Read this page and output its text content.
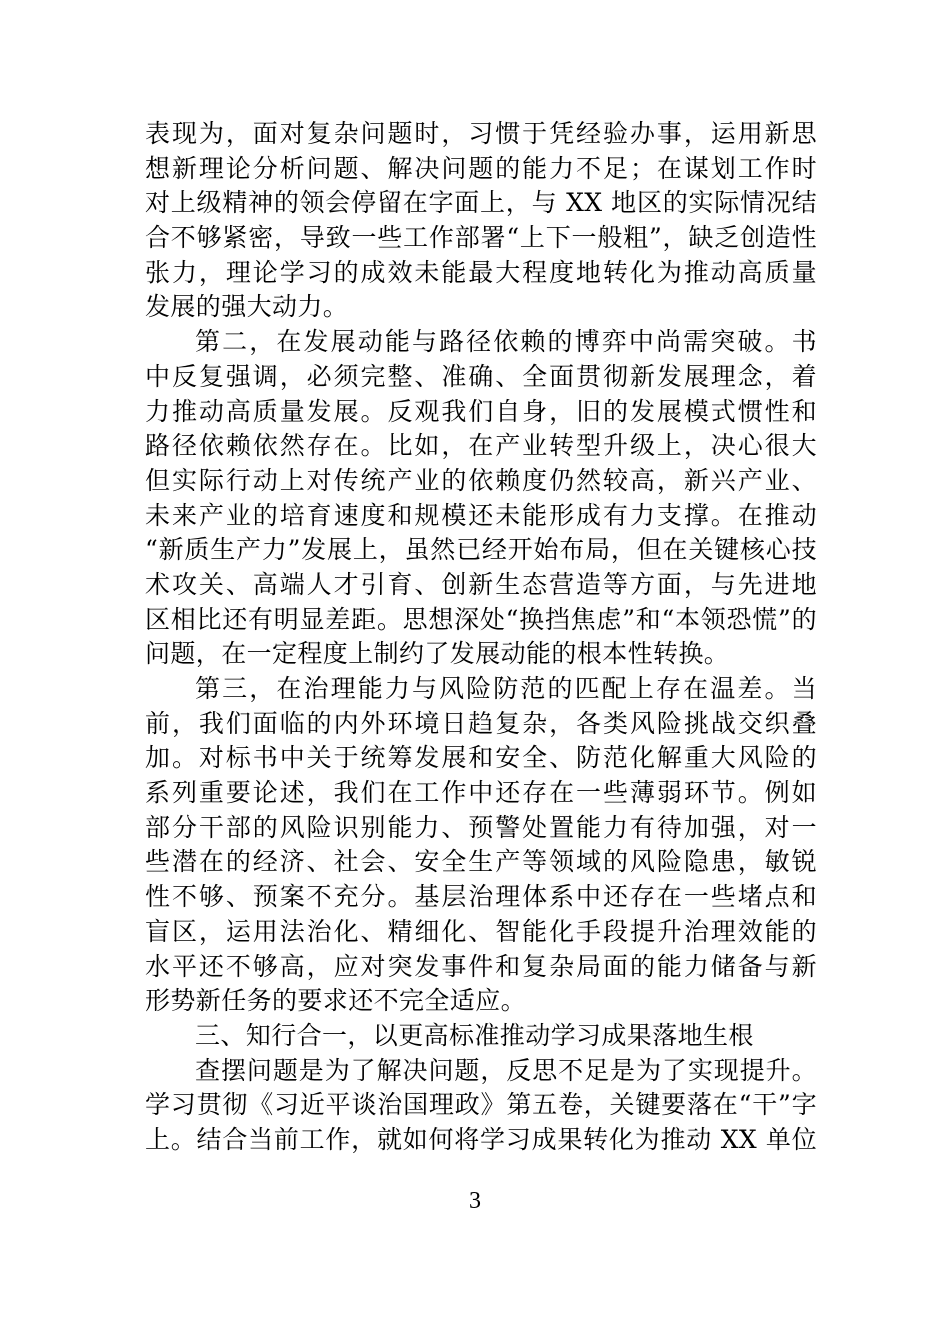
表现为，面对复杂问题时，习惯于凭经验办事，运用新思
想新理论分析问题、解决问题的能力不足；在谋划工作时
对上级精神的领会停留在字面上，与 XX 地区的实际情况结
合不够紧密，导致一些工作部署“上下一般粗”，缺乏创造性
张力，理论学习的成效未能最大程度地转化为推动高质量
发展的强大动力。
第二，在发展动能与路径依赖的博弈中尚需突破。书
中反复强调，必须完整、准确、全面贯彻新发展理念，着
力推动高质量发展。反观我们自身，旧的发展模式惯性和
路径依赖依然存在。比如，在产业转型升级上，决心很大
但实际行动上对传统产业的依赖度仍然较高，新兴产业、
未来产业的培育速度和规模还未能形成有力支撑。在推动
“新质生产力”发展上，虽然已经开始布局，但在关键核心技
术攻关、高端人才引育、创新生态营造等方面，与先进地
区相比还有明显差距。思想深处“换挡焦虑”和“本领恐慌”的
问题，在一定程度上制约了发展动能的根本性转换。
第三，在治理能力与风险防范的匹配上存在温差。当
前，我们面临的内外环境日趋复杂，各类风险挑战交织叠
加。对标书中关于统筹发展和安全、防范化解重大风险的
系列重要论述，我们在工作中还存在一些薄弱环节。例如
部分干部的风险识别能力、预警处置能力有待加强，对一
些潜在的经济、社会、安全生产等领域的风险隐患，敏锐
性不够、预案不充分。基层治理体系中还存在一些堵点和
盲区，运用法治化、精细化、智能化手段提升治理效能的
水平还不够高，应对突发事件和复杂局面的能力储备与新
形势新任务的要求还不完全适应。
三、知行合一，以更高标准推动学习成果落地生根
查摆问题是为了解决问题，反思不足是为了实现提升。
学习贯彻《习近平谈治国理政》第五卷，关键要落在“干”字
上。结合当前工作，就如何将学习成果转化为推动 XX 单位
3
